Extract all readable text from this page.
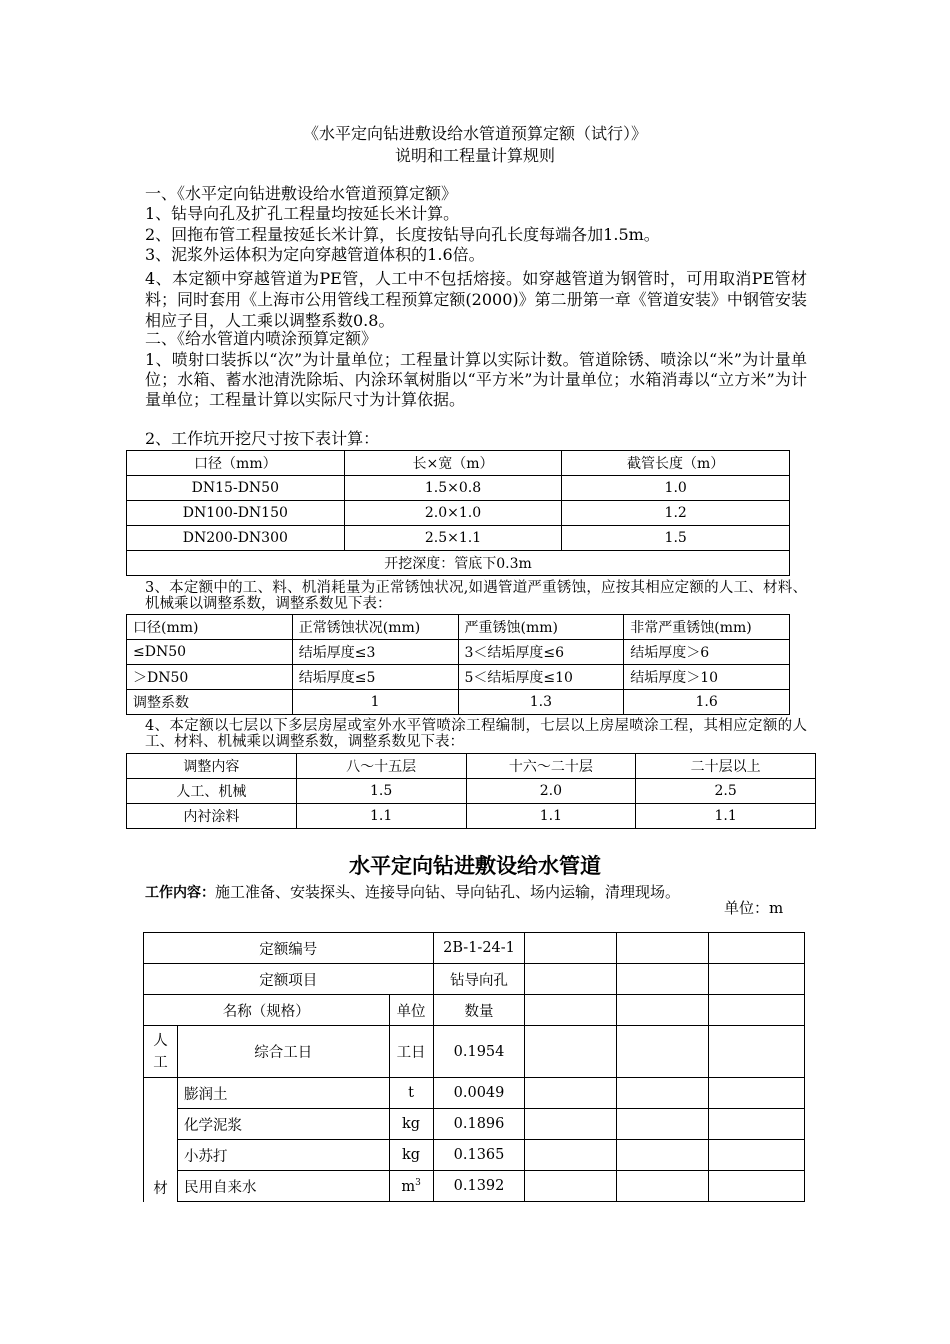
《水平定向钻进敷设给水管道预算定额（试行）》
说明和工程量计算规则
一、《水平定向钻进敷设给水管道预算定额》
1、钻导向孔及扩孔工程量均按延长米计算。
2、回拖布管工程量按延长米计算，长度按钻导向孔长度每端各加1.5m。
3、泥浆外运体积为定向穿越管道体积的1.6倍。
4、本定额中穿越管道为PE管，人工中不包括熔接。如穿越管道为钢管时，可用取消PE管材料；同时套用《上海市公用管线工程预算定额(2000)》第二册第一章《管道安装》中钢管安装相应子目，人工乘以调整系数0.8。
二、《给水管道内喷涂预算定额》
1、喷射口装拆以“次”为计量单位；工程量计算以实际计数。管道除锈、喷涂以“米”为计量单位；水箱、蓄水池清洗除垢、内涂环氧树脂以“平方米”为计量单位；水箱消毒以“立方米”为计量单位；工程量计算以实际尺寸为计算依据。
2、工作坑开挖尺寸按下表计算：
口径（mm）	长×宽（m）	截管长度（m）
DN15-DN50	1.5×0.8	1.0
DN100-DN150	2.0×1.0	1.2
DN200-DN300	2.5×1.1	1.5
开挖深度：管底下0.3m		
3、本定额中的工、料、机消耗量为正常锈蚀状况,如遇管道严重锈蚀，应按其相应定额的人工、材料、机械乘以调整系数，调整系数见下表：
口径(mm)	正常锈蚀状况(mm)	严重锈蚀(mm)	非常严重锈蚀(mm)
≤DN50	结垢厚度≤3	3＜结垢厚度≤6	结垢厚度＞6
＞DN50	结垢厚度≤5	5＜结垢厚度≤10	结垢厚度＞10
调整系数	1	1.3	1.6
4、本定额以七层以下多层房屋或室外水平管喷涂工程编制，七层以上房屋喷涂工程，其相应定额的人工、材料、机械乘以调整系数，调整系数见下表：
调整内容	八～十五层	十六～二十层	二十层以上
人工、机械	1.5	2.0	2.5
内衬涂料	1.1	1.1	1.1
水平定向钻进敷设给水管道
工作内容：施工准备、安装探头、连接导向钻、导向钻孔、场内运输，清理现场。
单位：m
定额编号			2B-1-24-1			
定额项目			钻导向孔			
名称（规格）		单位	数量			
人工	综合工日	工日	0.1954			
材	膨润土	t	0.0049			
	化学泥浆	kg	0.1896			
	小苏打	kg	0.1365			
	民用自来水	$m^3$	0.1392			
